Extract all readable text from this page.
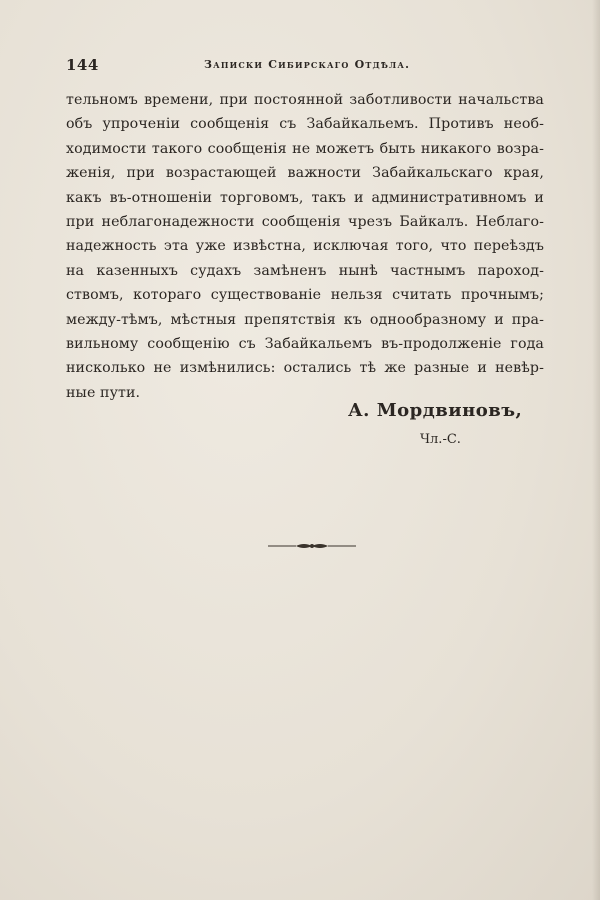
144	Записки Сибирскаго Отдѣла.
тельномъ времени, при постоянной заботливости начальства
объ упроченіи сообщенія съ Забайкальемъ. Противъ необ-
ходимости такого сообщенія не можетъ быть никакого возра-
женія, при возрастающей важности Забайкальскаго края,
какъ въ-отношеніи торговомъ, такъ и административномъ и
при неблагонадежности сообщенія чрезъ Байкалъ. Неблаго-
надежность эта уже извѣстна, исключая того, что переѣздъ
на казенныхъ судахъ замѣненъ нынѣ частнымъ пароход-
ствомъ, котораго существованіе нельзя считать прочнымъ;
между-тѣмъ, мѣстныя препятствія къ однообразному и пра-
вильному сообщенію съ Забайкальемъ въ-продолженіе года
нисколько не измѣнились: остались тѣ же разные и невѣр-
ные пути.
А. Мордвиновъ,
Чл.-С.
